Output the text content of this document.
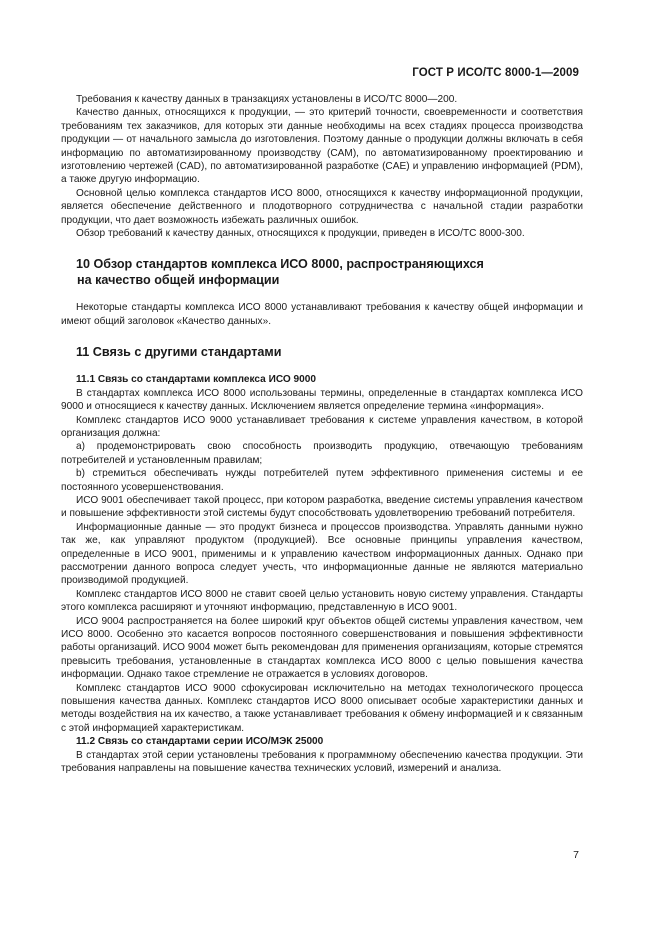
ГОСТ Р ИСО/ТС 8000-1—2009

Требования к качеству данных в транзакциях установлены в ИСО/ТС 8000—200.

Качество данных, относящихся к продукции, — это критерий точности, своевременности и соответствия требованиям тех заказчиков, для которых эти данные необходимы на всех стадиях процесса производства продукции — от начального замысла до изготовления. Поэтому данные о продукции должны включать в себя информацию по автоматизированному производству (CAM), по автоматизированному проектированию и изготовлению чертежей (CAD), по автоматизированной разработке (CAE) и управлению информацией (PDM), а также другую информацию.

Основной целью комплекса стандартов ИСО 8000, относящихся к качеству информационной продукции, является обеспечение действенного и плодотворного сотрудничества с начальной стадии разработки продукции, что дает возможность избежать различных ошибок.

Обзор требований к качеству данных, относящихся к продукции, приведен в ИСО/ТС 8000-300.

10 Обзор стандартов комплекса ИСО 8000, распространяющихся
на качество общей информации

Некоторые стандарты комплекса ИСО 8000 устанавливают требования к качеству общей информации и имеют общий заголовок «Качество данных».

11 Связь с другими стандартами
11.1 Связь со стандартами комплекса ИСО 9000

В стандартах комплекса ИСО 8000 использованы термины, определенные в стандартах комплекса ИСО 9000 и относящиеся к качеству данных. Исключением является определение термина «информация».

Комплекс стандартов ИСО 9000 устанавливает требования к системе управления качеством, в которой организация должна:

a) продемонстрировать свою способность производить продукцию, отвечающую требованиям потребителей и установленным правилам;

b) стремиться обеспечивать нужды потребителей путем эффективного применения системы и ее постоянного усовершенствования.

ИСО 9001 обеспечивает такой процесс, при котором разработка, введение системы управления качеством и повышение эффективности этой системы будут способствовать удовлетворению требований потребителя.

Информационные данные — это продукт бизнеса и процессов производства. Управлять данными нужно так же, как управляют продуктом (продукцией). Все основные принципы управления качеством, определенные в ИСО 9001, применимы и к управлению качеством информационных данных. Однако при рассмотрении данного вопроса следует учесть, что информационные данные не являются материально производимой продукцией.

Комплекс стандартов ИСО 8000 не ставит своей целью установить новую систему управления. Стандарты этого комплекса расширяют и уточняют информацию, представленную в ИСО 9001.

ИСО 9004 распространяется на более широкий круг объектов общей системы управления качеством, чем ИСО 8000. Особенно это касается вопросов постоянного совершенствования и повышения эффективности работы организаций. ИСО 9004 может быть рекомендован для применения организациям, которые стремятся превысить требования, установленные в стандартах комплекса ИСО 8000 с целью повышения качества информации. Однако такое стремление не отражается в условиях договоров.

Комплекс стандартов ИСО 9000 сфокусирован исключительно на методах технологического процесса повышения качества данных. Комплекс стандартов ИСО 8000 описывает особые характеристики данных и методы воздействия на их качество, а также устанавливает требования к обмену информацией и к связанным с этой информацией характеристикам.

11.2 Связь со стандартами серии ИСО/МЭК 25000

В стандартах этой серии установлены требования к программному обеспечению качества продукции. Эти требования направлены на повышение качества технических условий, измерений и анализа.

7
